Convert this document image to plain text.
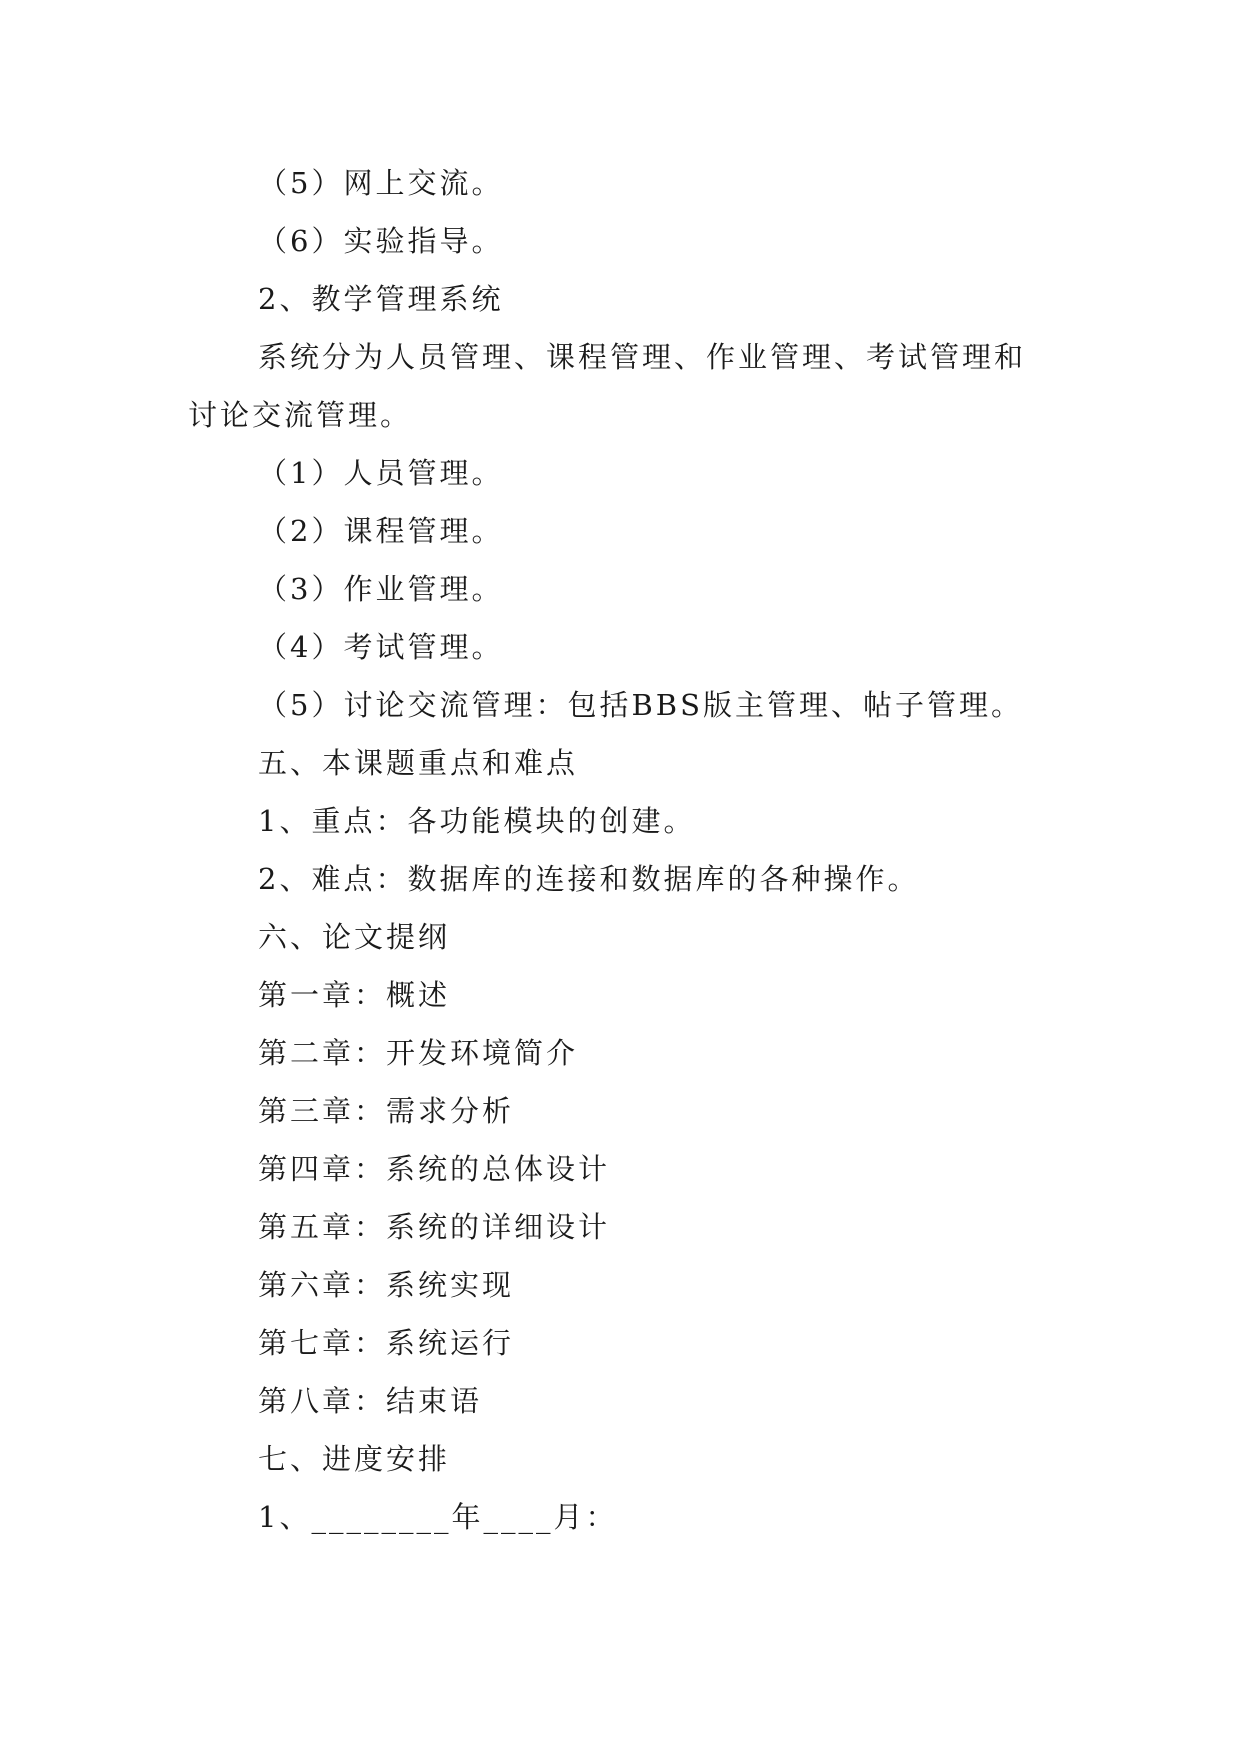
（5）网上交流。
（6）实验指导。
2、教学管理系统
系统分为人员管理、课程管理、作业管理、考试管理和
讨论交流管理。
（1）人员管理。
（2）课程管理。
（3）作业管理。
（4）考试管理。
（5）讨论交流管理：包括BBS版主管理、帖子管理。
五、本课题重点和难点
1、重点：各功能模块的创建。
2、难点：数据库的连接和数据库的各种操作。
六、论文提纲
第一章：概述
第二章：开发环境简介
第三章：需求分析
第四章：系统的总体设计
第五章：系统的详细设计
第六章：系统实现
第七章：系统运行
第八章：结束语
七、进度安排
1、________年____月：
